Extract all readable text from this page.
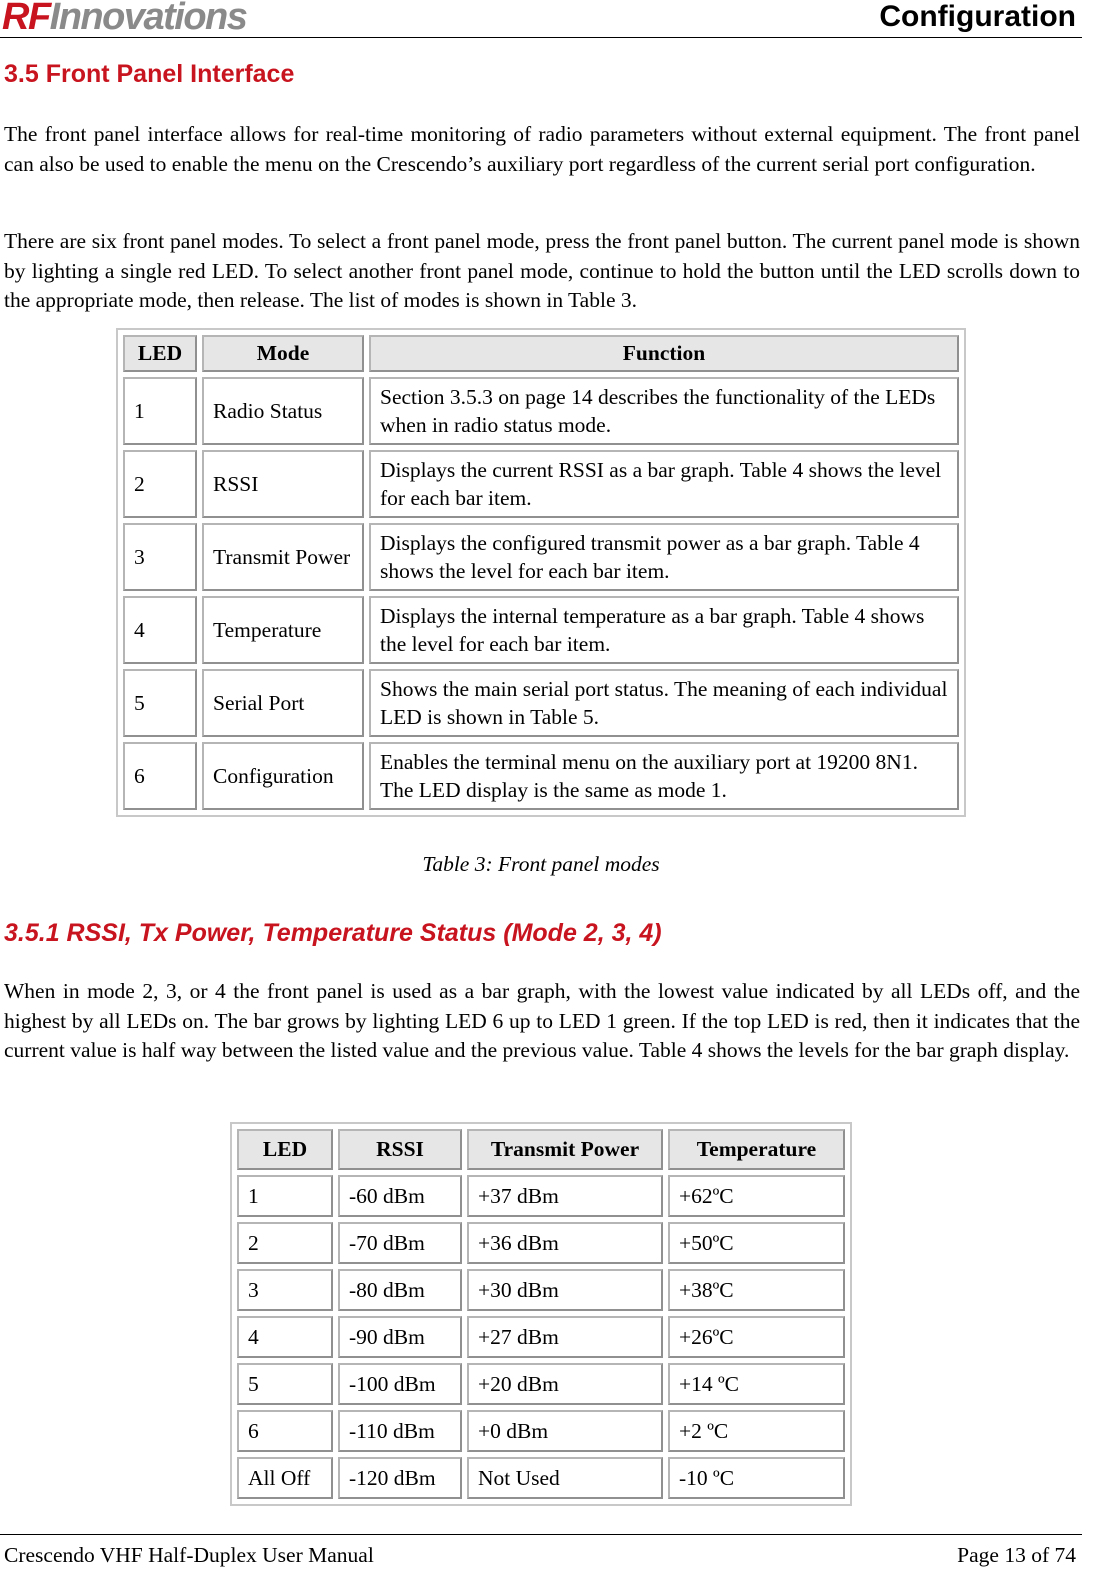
RF Innovations	Configuration
3.5 Front Panel Interface

The front panel interface allows for real-time monitoring of radio parameters without external equipment. The front panel can also be used to enable the menu on the Crescendo’s auxiliary port regardless of the current serial port configuration.

There are six front panel modes. To select a front panel mode, press the front panel button. The current panel mode is shown by lighting a single red LED. To select another front panel mode, continue to hold the button until the LED scrolls down to the appropriate mode, then release. The list of modes is shown in Table 3.

LED	Mode	Function
1	Radio Status	Section 3.5.3 on page 14 describes the functionality of the LEDs when in radio status mode.
2	RSSI	Displays the current RSSI as a bar graph. Table 4 shows the level for each bar item.
3	Transmit Power	Displays the configured transmit power as a bar graph. Table 4 shows the level for each bar item.
4	Temperature	Displays the internal temperature as a bar graph. Table 4 shows the level for each bar item.
5	Serial Port	Shows the main serial port status. The meaning of each individual LED is shown in Table 5.
6	Configuration	Enables the terminal menu on the auxiliary port at 19200 8N1. The LED display is the same as mode 1.
Table 3: Front panel modes
3.5.1 RSSI, Tx Power, Temperature Status (Mode 2, 3, 4)

When in mode 2, 3, or 4 the front panel is used as a bar graph, with the lowest value indicated by all LEDs off, and the highest by all LEDs on. The bar grows by lighting LED 6 up to LED 1 green. If the top LED is red, then it indicates that the current value is half way between the listed value and the previous value. Table 4 shows the levels for the bar graph display.

LED	RSSI	Transmit Power	Temperature
1	-60 dBm	+37 dBm	+62ºC
2	-70 dBm	+36 dBm	+50ºC
3	-80 dBm	+30 dBm	+38ºC
4	-90 dBm	+27 dBm	+26ºC
5	-100 dBm	+20 dBm	+14 ºC
6	-110 dBm	+0 dBm	+2 ºC
All Off	-120 dBm	Not Used	-10 ºC
Crescendo VHF Half-Duplex User Manual	Page 13 of 74
